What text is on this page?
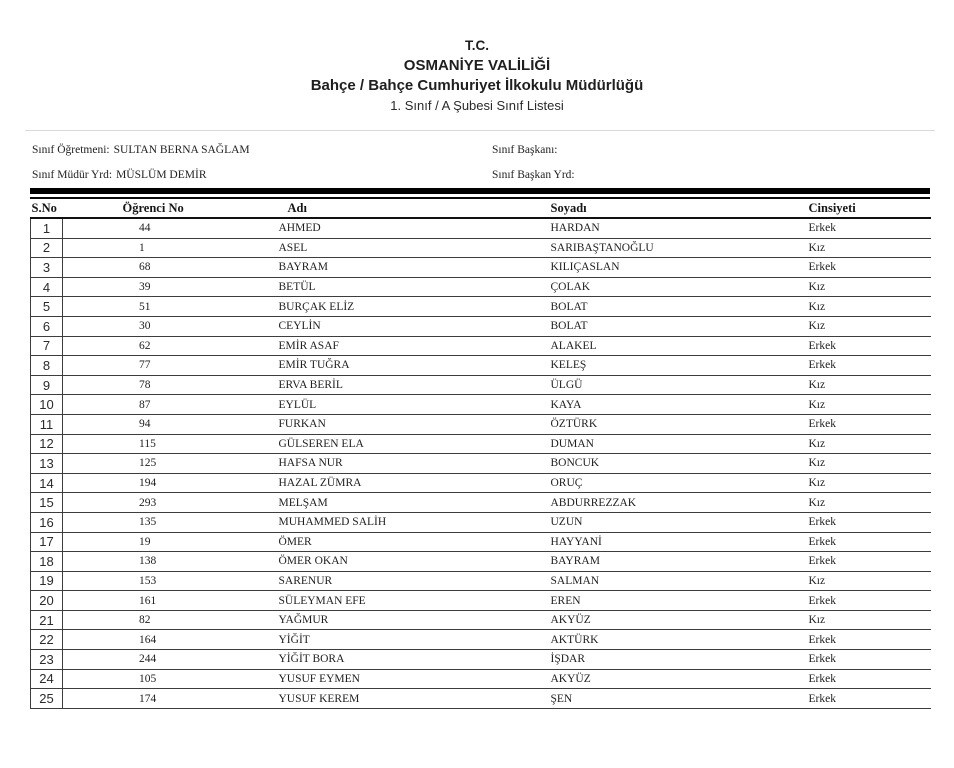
T.C.
OSMANİYE VALİLİĞİ
Bahçe / Bahçe Cumhuriyet İlkokulu Müdürlüğü
1. Sınıf / A Şubesi Sınıf Listesi
Sınıf Öğretmeni: SULTAN BERNA SAĞLAM	Sınıf Başkanı:
Sınıf Müdür Yrd: MÜSLÜM DEMİR	Sınıf Başkan Yrd:
S.No	Öğrenci No	Adı	Soyadı	Cinsiyeti
1	44	AHMED	HARDAN	Erkek
2	1	ASEL	SARIBAŞTANOĞLU	Kız
3	68	BAYRAM	KILIÇASLAN	Erkek
4	39	BETÜL	ÇOLAK	Kız
5	51	BURÇAK ELİZ	BOLAT	Kız
6	30	CEYLİN	BOLAT	Kız
7	62	EMİR ASAF	ALAKEL	Erkek
8	77	EMİR TUĞRA	KELEŞ	Erkek
9	78	ERVA BERİL	ÜLGÜ	Kız
10	87	EYLÜL	KAYA	Kız
11	94	FURKAN	ÖZTÜRK	Erkek
12	115	GÜLSEREN ELA	DUMAN	Kız
13	125	HAFSA NUR	BONCUK	Kız
14	194	HAZAL ZÜMRA	ORUÇ	Kız
15	293	MELŞAM	ABDURREZZAK	Kız
16	135	MUHAMMED SALİH	UZUN	Erkek
17	19	ÖMER	HAYYANİ	Erkek
18	138	ÖMER OKAN	BAYRAM	Erkek
19	153	SARENUR	SALMAN	Kız
20	161	SÜLEYMAN EFE	EREN	Erkek
21	82	YAĞMUR	AKYÜZ	Kız
22	164	YİĞİT	AKTÜRK	Erkek
23	244	YİĞİT BORA	İŞDAR	Erkek
24	105	YUSUF EYMEN	AKYÜZ	Erkek
25	174	YUSUF KEREM	ŞEN	Erkek
